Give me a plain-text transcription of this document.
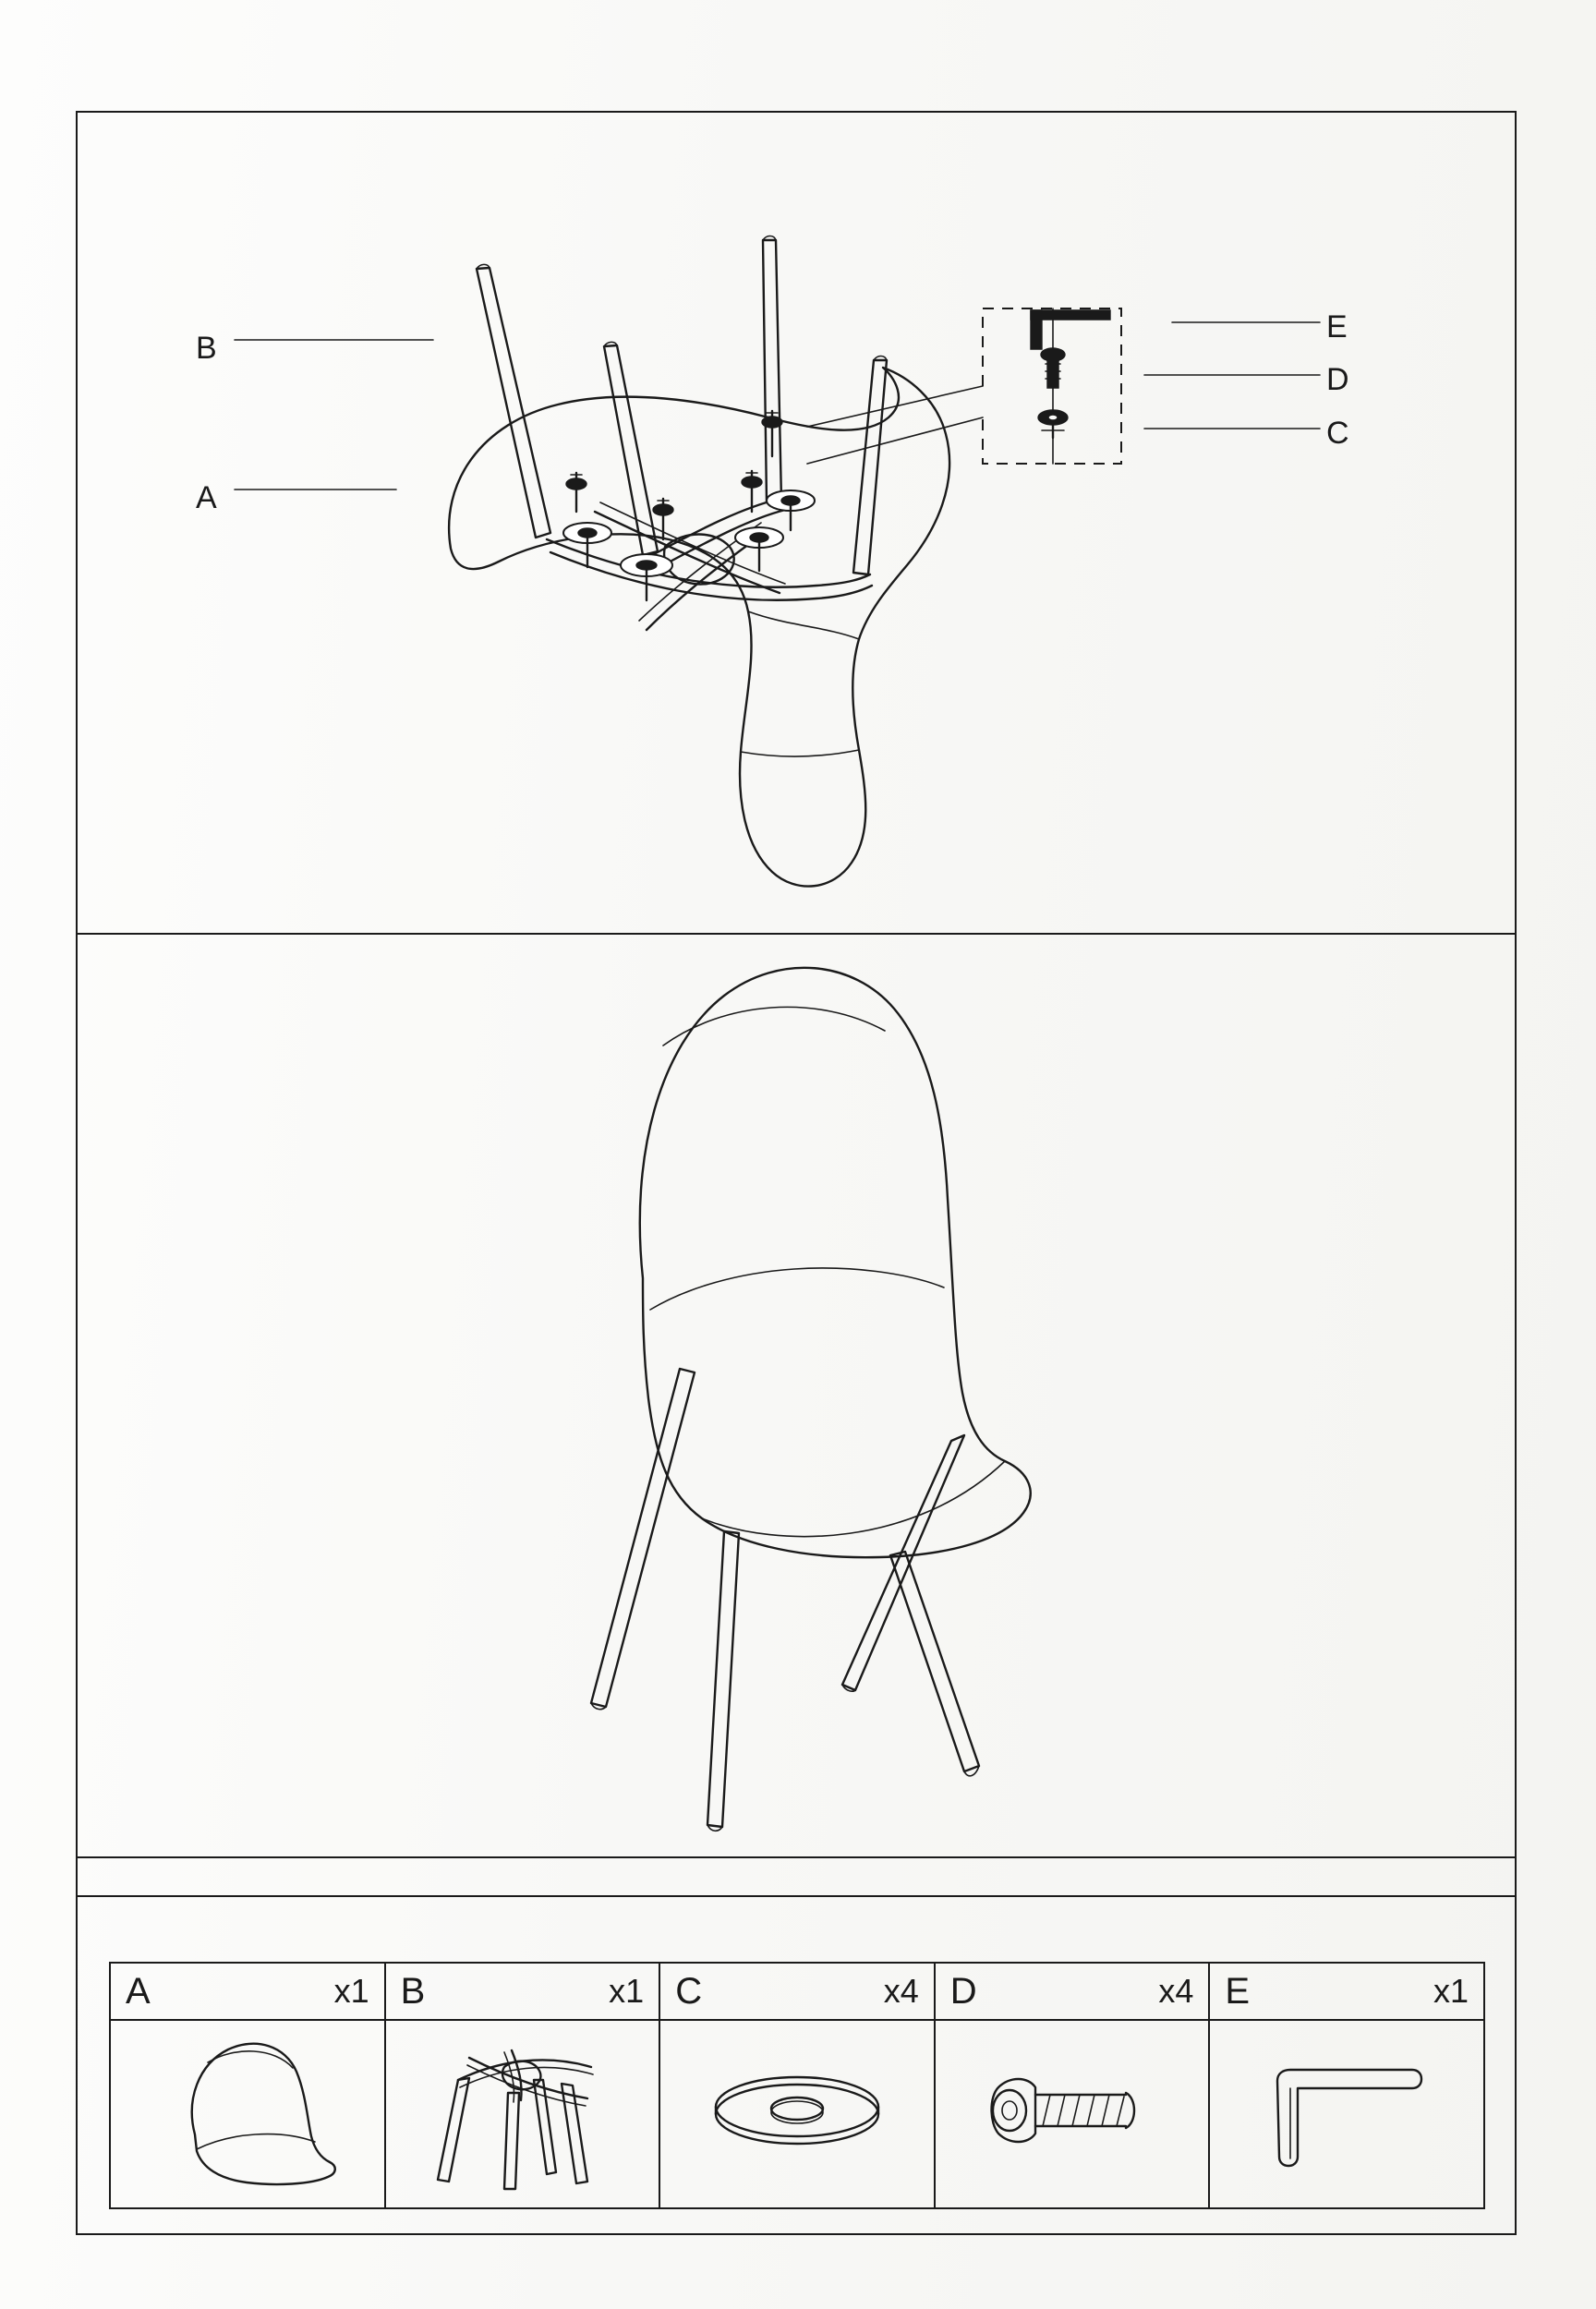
B
A
E
D
C
A	x1 B	x1 C	x4 D	x4 E	x1
